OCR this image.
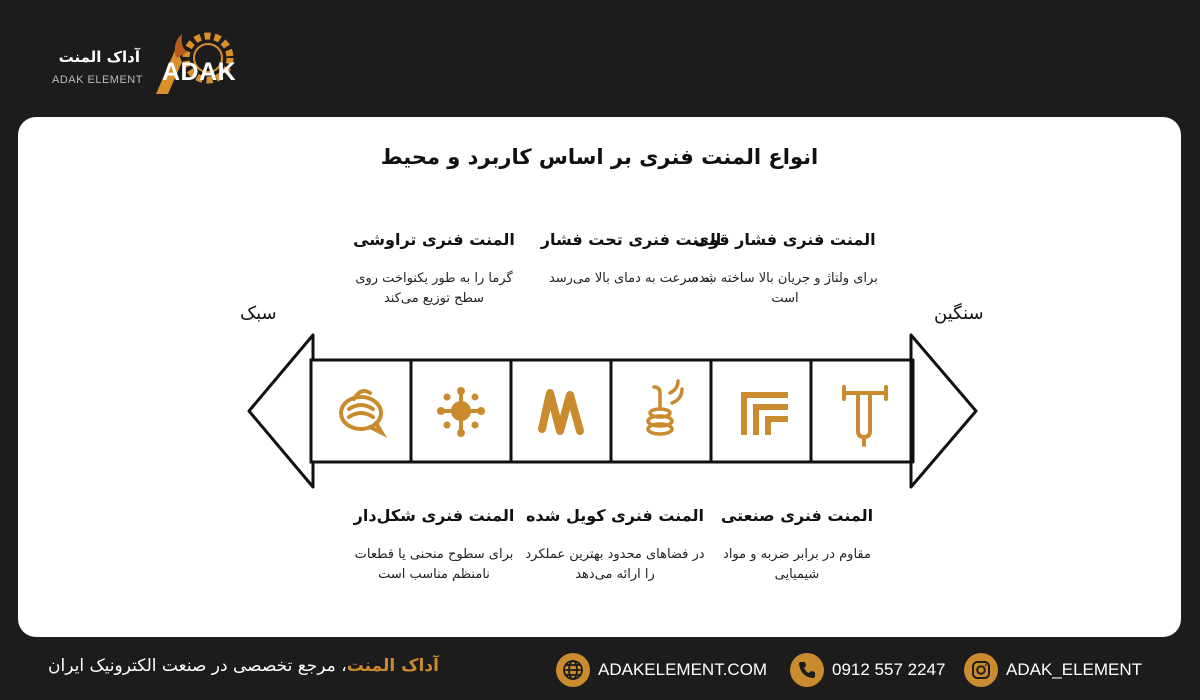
آداک المنت
ADAK ELEMENT ADAK
انواع المنت فنری بر اساس کاربرد و محیط
سبک	سنگین
المنت فنری تراوشی
گرما را به طور یکنواخت روی سطح توزیع می‌کند
المنت فنری تحت فشار
به سرعت به دمای بالا می‌رسد
المنت فنری فشار قوی
برای ولتاژ و جریان بالا ساخته شده است
المنت فنری شکل‌دار
برای سطوح منحنی یا قطعات نامنظم مناسب است
المنت فنری کویل شده
در فضاهای محدود بهترین عملکرد را ارائه می‌دهد
المنت فنری صنعتی
مقاوم در برابر ضربه و مواد شیمیایی
آداک المنت، مرجع تخصصی در صنعت الکترونیک ایران	ADAKELEMENT.COM	0912 557 2247	ADAK_ELEMENT
